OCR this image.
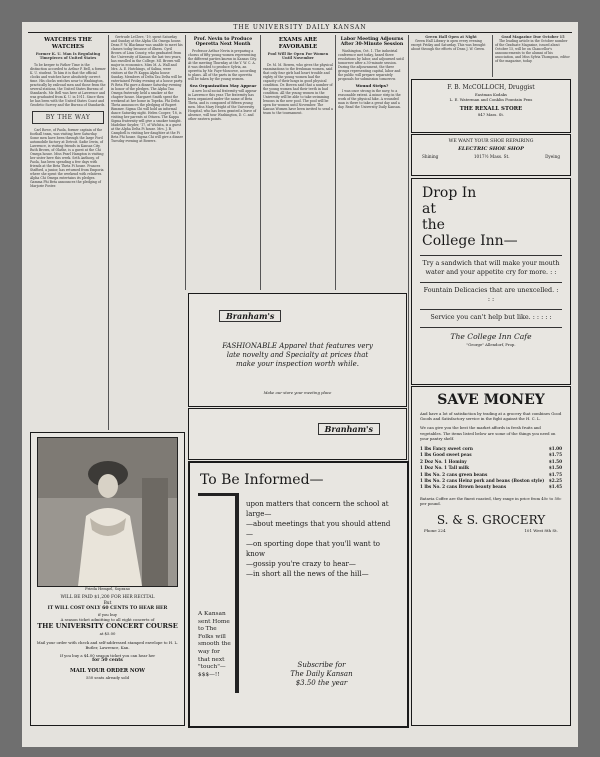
THE UNIVERSITY DAILY KANSAN
WATCHES THE WATCHES
Former K. U. Man Is Regulating Timepieces of United States

To be keeper to Father Time is the distinction accorded to Arthur P. Bell, a former K. U. student. To him it is that the official clocks and watches have absolutely correct time. His clocks watches near to Washington, practically by railroad men and those from the several stations, the United States Bureau of Standards. Mr. Bell was here at Lawrence and was graduated from K. U. in 1911. Since then he has been with the United States Coast and Geodetic Survey and the Bureau of Standards.

BY THE WAY

Carl Rowe, of Paola, former captain of the football team, was visiting here Saturday. Some men have been through the large Ford automobile factory at Detroit. Sadie Irwin, of Lawrence, is visiting friends in Kansas City. Ruth Brown, of Olathe, is a guest at the Chi Omega house. Miss Pearl Hampton is visiting her sister here this week. Seth Anthony, of Paola, has been spending a few days with friends at the Beta Theta Pi house. Frances Stafford, a junior, has returned from Emporia where she spent the weekend with relatives. Alpha Chi Omega entertains its pledges. Gamma Phi Beta announces the pledging of Marjorie Foster.

Gertrude LeClere, '19, spent Saturday and Sunday at the Alpha Chi Omega house. Dean F. W. Blackmar was unable to meet his classes today because of illness. Cyril Brown of Linn County, who graduated from the University of Kansas the last two years, has enrolled in the College. Ml. Brown will major in economics. Miss M. A. Wall and Mrs. A. E. Hutchings, of Salina, were visitors at the Pi Kappa Alpha house Sunday. Members of Delta Tau Delta will be entertained Friday evening at a house party. Pi Beta Phi gave a dinner Saturday evening in honor of the pledges. The Alpha Tau Omega fraternity held a smoker at the chapter house. Margaret Smith spent the weekend at her home in Topeka. Phi Delta Theta announces the pledging of Rupert Rimmer. Sigma Chi will hold an informal dance Saturday night. Helen Cooper, '18, is visiting her parents at Ottawa. The Kappa Sigma fraternity will give a smoker tonight. Madeline Snyder, '17, of Wichita, is a guest at the Alpha Delta Pi house. Mrs. J. B. Campbell is visiting her daughter at the Pi Beta Phi house. Sigma Chi will give a dinner Tuesday evening at Bowers.

Prof. Nevin to Produce Operetta Next Month

Professor Arthur Nevin is preparing a chorus of fifty young women representing the different parties known in Kansas City. At the meeting Thursday at the Y. W. C. A. it was decided to produce Sylvia, an operetta by Mr. Faye-Moscowe, according to plans. All of the parts in the operetta will be taken by the young women.

Sea Organization May Appear

A new local social fraternity will appear in Lawrence this year. The fraternity has been organized under the name of Beta Theta, and is composed of fifteen young men. Miss Mary Height of the University Hospital, who has been granted a leave of absence, will tour Washington, D. C. and other eastern points.

EXAMS ARE FAVORABLE
Pool Will Be Open For Women Until November

Dr. M. M. Bowen, who gives the physical examinations to the freshman women, said that only four girls had heart trouble and eighty of the young women had the capacity of their lungs in good physical condition. Dr. Bowen said that a number of the young women had their teeth in bad condition. All the young women in the University will be able to take swimming lessons in the new pool. The pool will be open for women until November. The Kansas Women have been invited to send a team to the tournament.

Labor Meeting Adjourns After 30-Minute Session

Washington, Oct. 1. The industrial conference met today, heard three resolutions by labor, and adjourned until tomorrow after a 30-minute session. During the adjournment, the three groups representing capital, labor and the public will prepare separately proposals for submission tomorrow.

Wound Strips?

I was once strong in the navy, to a reasonable extent. A minor strip in the work of the physical hike. A wounded man is there to take a great day and a day. Read the University Daily Kansan.

Green Hall Open at Night

Green Hall Library is open every evening except Friday and Saturday. This was brought about through the efforts of Dean J. W. Green.

Grad Magazine Due October 15

The leading article in the October number of the Graduate Magazine, issued about October 15, will be on Chancellor's announcements to the alumni of his association, and Miss Sylvia Thompson, editor of the magazine, today.

F. B. McCOLLOCH, Druggist
Eastman Kodaks
L. E. Waterman and Conklin Fountain Pens
THE REXALL STORE
847 Mass. St.
WE WANT YOUR SHOE REPAIRING
ELECTRIC SHOE SHOP
Shining	1017½ Mass. St.	Dyeing
Drop In
at
the
College Inn—
Try a sandwich that will make your mouth water and your appetite cry for more. : :
Fountain Delicacies that are unexcelled. : : :
Service you can't help but like. : : : : :
The College Inn Cafe
"George" Allendorf, Prop.
SAVE MONEY
And have a lot of satisfaction by trading at a grocery that combines Good Goods and Satisfactory service in the fight against the H. C. L.
We can give you the best the market affords in fresh fruits and vegetables. The items listed below are some of the things you need on your pantry shelf.
1 lbs Fancy sweet corn	$1.00
1 lbs Good sweet peas	$1.75
2 Doz No. 1 Hominy	$1.50
1 Doz No. 1 Tall milk	$1.50
1 lbs No. 2 cans green beans	$1.75
1 lbs No. 2 cans Heinz pork and beans (Boston style) $2.25
1 lbs No. 2 cans Brown beauty beans	$1.45
Batavia Coffee are the finest roasted, they range in price from 40c to 50c per pound.
S. & S. GROCERY
Phone 224	101 West 8th St.
Frieda Hempel, Soprano
WILL BE PAID $1,200 FOR HER RECITAL
But
IT WILL COST ONLY 60 CENTS TO HEAR HER
if you buy
A season ticket admitting to all eight concerts of
THE UNIVERSITY CONCERT COURSE
at $5.00
Mail your order with check and self-addressed stamped envelope to H. L. Butler, Lawrence, Kan.
If you buy a $4.00 season ticket you can hear her
for 50 cents
MAIL YOUR ORDER NOW
550 seats already sold
Branham's
FASHIONABLE Apparel that features very late novelty and Specialty at prices that make your inspection worth while.
Make our store your meeting place
Branham's
To Be Informed—
upon matters that concern the school at large—
—about meetings that you should attend—
—on sporting dope that you'll want to know
—gossip you're crazy to hear—
—in short all the news of the hill—
A Kansan sent Home to The Folks will smooth the way for that next "touch"—$$$—!!
Subscribe for
The Daily Kansan
$3.50 the year
